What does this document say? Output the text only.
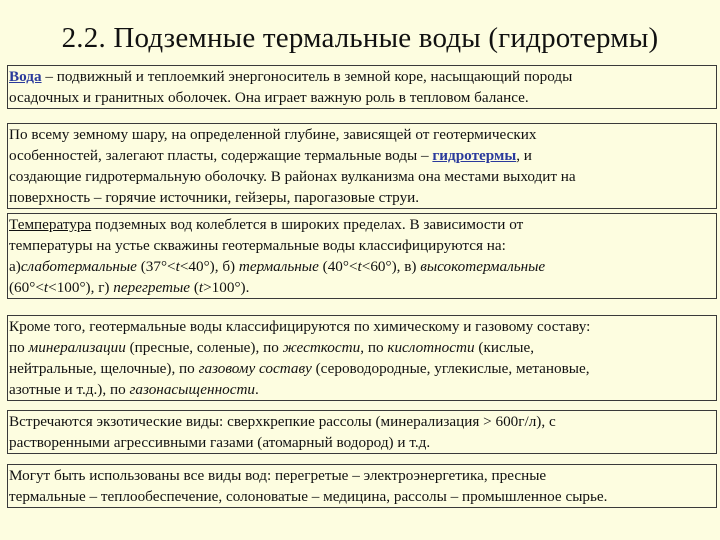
2.2. Подземные термальные воды (гидротермы)
Вода – подвижный и теплоемкий энергоноситель в земной коре, насыщающий породы
осадочных и гранитных оболочек. Она играет важную роль в тепловом балансе.
По всему земному шару, на определенной глубине, зависящей от геотермических
особенностей, залегают пласты, содержащие термальные воды – гидротермы, и
создающие гидротермальную оболочку. В районах вулканизма она местами выходит на
поверхность – горячие источники, гейзеры, парогазовые струи.
Температура подземных вод колеблется в широких пределах. В зависимости от
температуры на устье скважины геотермальные воды классифицируются на:
а)слаботермальные (37°<t<40°), б) термальные (40°<t<60°), в) высокотермальные
(60°<t<100°), г) перегретые (t>100°).
Кроме того, геотермальные воды классифицируются по химическому и газовому составу:
по минерализации (пресные, соленые), по жесткости, по кислотности (кислые,
нейтральные, щелочные), по газовому составу (сероводородные, углекислые, метановые,
азотные и т.д.), по газонасыщенности.
Встречаются экзотические виды: сверхкрепкие рассолы (минерализация > 600г/л), с
растворенными агрессивными газами (атомарный водород) и т.д.
Могут быть использованы все виды вод: перегретые – электроэнергетика, пресные
термальные – теплообеспечение, солоноватые – медицина, рассолы – промышленное сырье.
